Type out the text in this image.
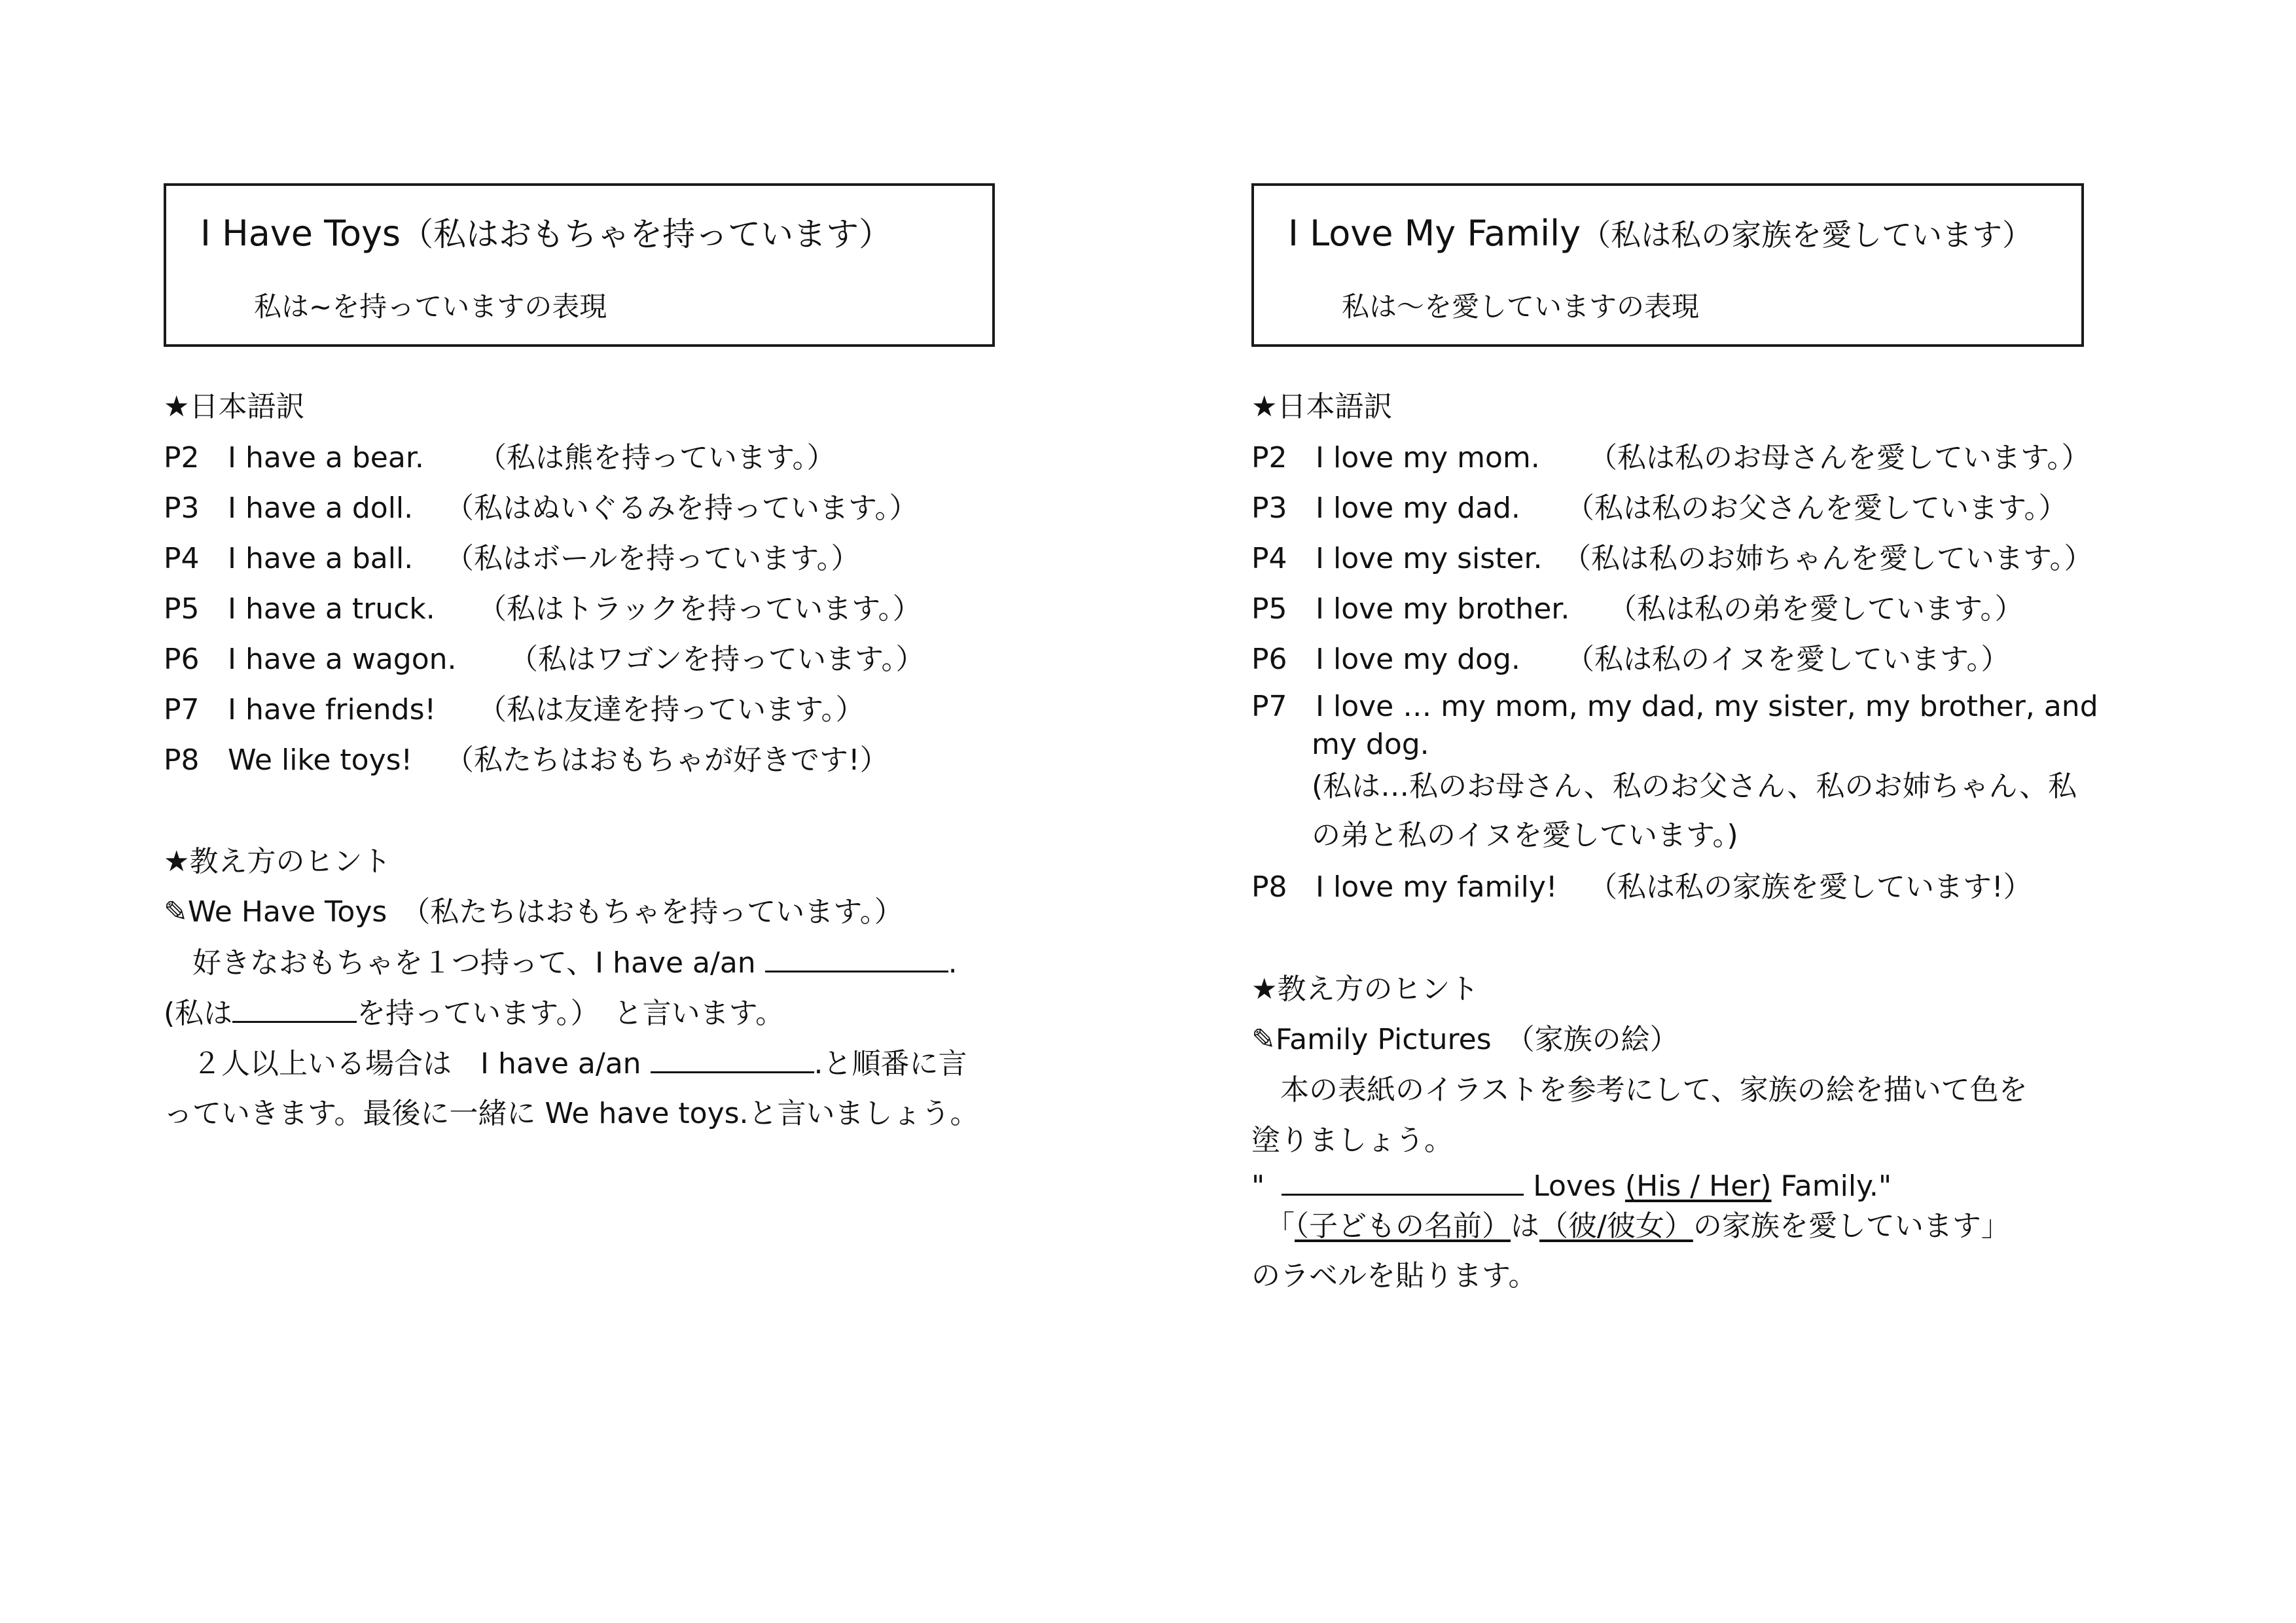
I Have Toys（私はおもちゃを持っています）
私は~を持っていますの表現
★日本語訳
P2 I have a bear. （私は熊を持っています。）
P3 I have a doll. （私はぬいぐるみを持っています。）
P4 I have a ball. （私はボールを持っています。）
P5 I have a truck. （私はトラックを持っています。）
P6 I have a wagon. （私はワゴンを持っています。）
P7 I have friends! （私は友達を持っています。）
P8 We like toys! （私たちはおもちゃが好きです!）
★教え方のヒント
✎We Have Toys　（私たちはおもちゃを持っています。）
　好きなおもちゃを１つ持って、I have a/an	.
(私は	を持っています。）　と言います。
　２人以上いる場合は　I have a/an	.と順番に言
っていきます。最後に一緒に We have toys.と言いましょう。
I Love My Family（私は私の家族を愛しています）
私は～を愛していますの表現
★日本語訳
P2 I love my mom. （私は私のお母さんを愛しています。）
P3 I love my dad. （私は私のお父さんを愛しています。）
P4 I love my sister. （私は私のお姉ちゃんを愛しています。）
P5 I love my brother. （私は私の弟を愛しています。）
P6 I love my dog. （私は私のイヌを愛しています。）
P7 I love … my mom, my dad, my sister, my brother, and
my dog.
(私は…私のお母さん、私のお父さん、私のお姉ちゃん、私
の弟と私のイヌを愛しています。)
P8 I love my family! （私は私の家族を愛しています!）
★教え方のヒント
✎Family Pictures　（家族の絵）
　本の表紙のイラストを参考にして、家族の絵を描いて色を
塗りましょう。
"	Loves (His / Her) Family."
　「（子どもの名前）は（彼/彼女）の家族を愛しています」
のラベルを貼ります。
